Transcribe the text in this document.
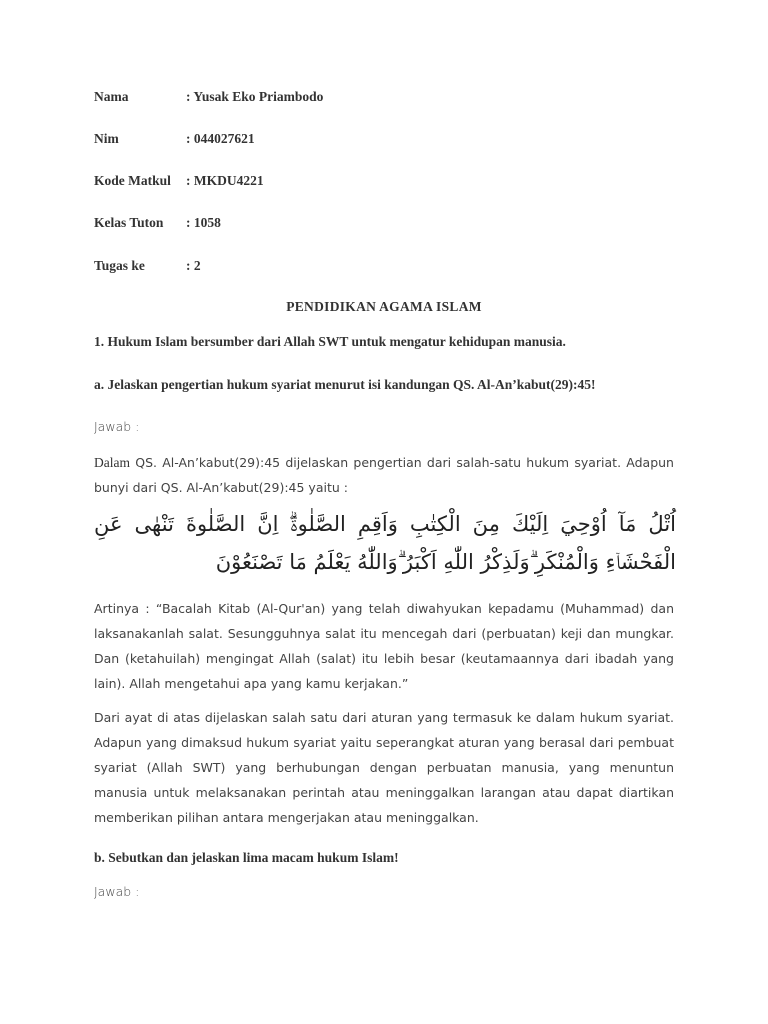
Nama	: Yusak Eko Priambodo
Nim	: 044027621
Kode Matkul : MKDU4221
Kelas Tuton : 1058
Tugas ke	: 2
PENDIDIKAN AGAMA ISLAM
1. Hukum Islam bersumber dari Allah SWT untuk mengatur kehidupan manusia.
a. Jelaskan pengertian hukum syariat menurut isi kandungan QS. Al-An’kabut(29):45!
Jawab :
Dalam QS. Al-An’kabut(29):45 dijelaskan pengertian dari salah-satu hukum syariat. Adapun bunyi dari QS. Al-An’kabut(29):45 yaitu :
اُتْلُ مَآ اُوْحِيَ اِلَيْكَ مِنَ الْكِتٰبِ وَاَقِمِ الصَّلٰوةَۗ اِنَّ الصَّلٰوةَ تَنْهٰى عَنِ الْفَحْشَاۤءِ وَالْمُنْكَرِ ۗوَلَذِكْرُ اللّٰهِ اَكْبَرُ ۗوَاللّٰهُ يَعْلَمُ مَا تَصْنَعُوْنَ
Artinya : “Bacalah Kitab (Al-Qur'an) yang telah diwahyukan kepadamu (Muhammad) dan laksanakanlah salat. Sesungguhnya salat itu mencegah dari (perbuatan) keji dan mungkar. Dan (ketahuilah) mengingat Allah (salat) itu lebih besar (keutamaannya dari ibadah yang lain). Allah mengetahui apa yang kamu kerjakan.”
Dari ayat di atas dijelaskan salah satu dari aturan yang termasuk ke dalam hukum syariat. Adapun yang dimaksud hukum syariat yaitu seperangkat aturan yang berasal dari pembuat syariat (Allah SWT) yang berhubungan dengan perbuatan manusia, yang menuntun manusia untuk melaksanakan perintah atau meninggalkan larangan atau dapat diartikan memberikan pilihan antara mengerjakan atau meninggalkan.
b. Sebutkan dan jelaskan lima macam hukum Islam!
Jawab :
